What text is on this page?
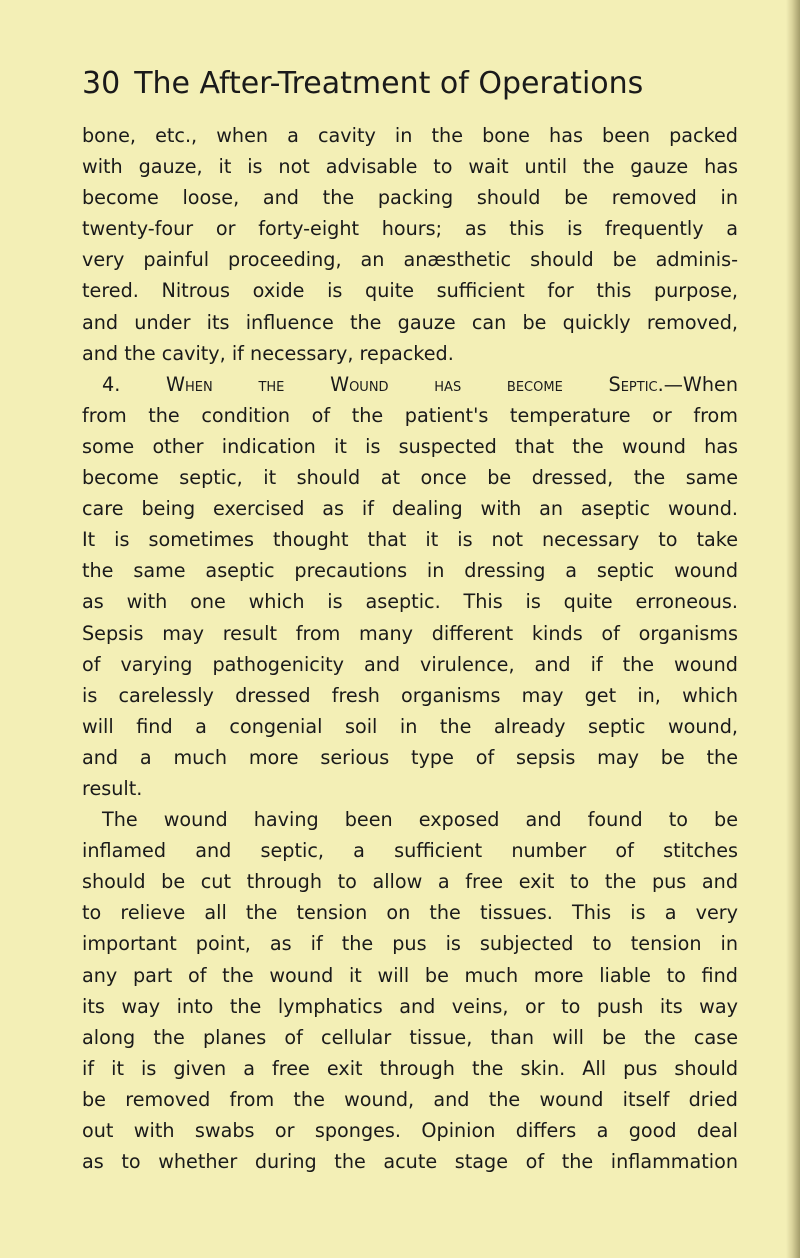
30 The After-Treatment of Operations
bone, etc., when a cavity in the bone has been packed
with gauze, it is not advisable to wait until the gauze has
become loose, and the packing should be removed in
twenty-four or forty-eight hours; as this is frequently a
very painful proceeding, an anæsthetic should be adminis-
tered. Nitrous oxide is quite sufficient for this purpose,
and under its influence the gauze can be quickly removed,
and the cavity, if necessary, repacked.
4. When the Wound has become Septic.—When
from the condition of the patient's temperature or from
some other indication it is suspected that the wound has
become septic, it should at once be dressed, the same
care being exercised as if dealing with an aseptic wound.
It is sometimes thought that it is not necessary to take
the same aseptic precautions in dressing a septic wound
as with one which is aseptic. This is quite erroneous.
Sepsis may result from many different kinds of organisms
of varying pathogenicity and virulence, and if the wound
is carelessly dressed fresh organisms may get in, which
will find a congenial soil in the already septic wound,
and a much more serious type of sepsis may be the
result.
The wound having been exposed and found to be
inflamed and septic, a sufficient number of stitches
should be cut through to allow a free exit to the pus and
to relieve all the tension on the tissues. This is a very
important point, as if the pus is subjected to tension in
any part of the wound it will be much more liable to find
its way into the lymphatics and veins, or to push its way
along the planes of cellular tissue, than will be the case
if it is given a free exit through the skin. All pus should
be removed from the wound, and the wound itself dried
out with swabs or sponges. Opinion differs a good deal
as to whether during the acute stage of the inflammation
